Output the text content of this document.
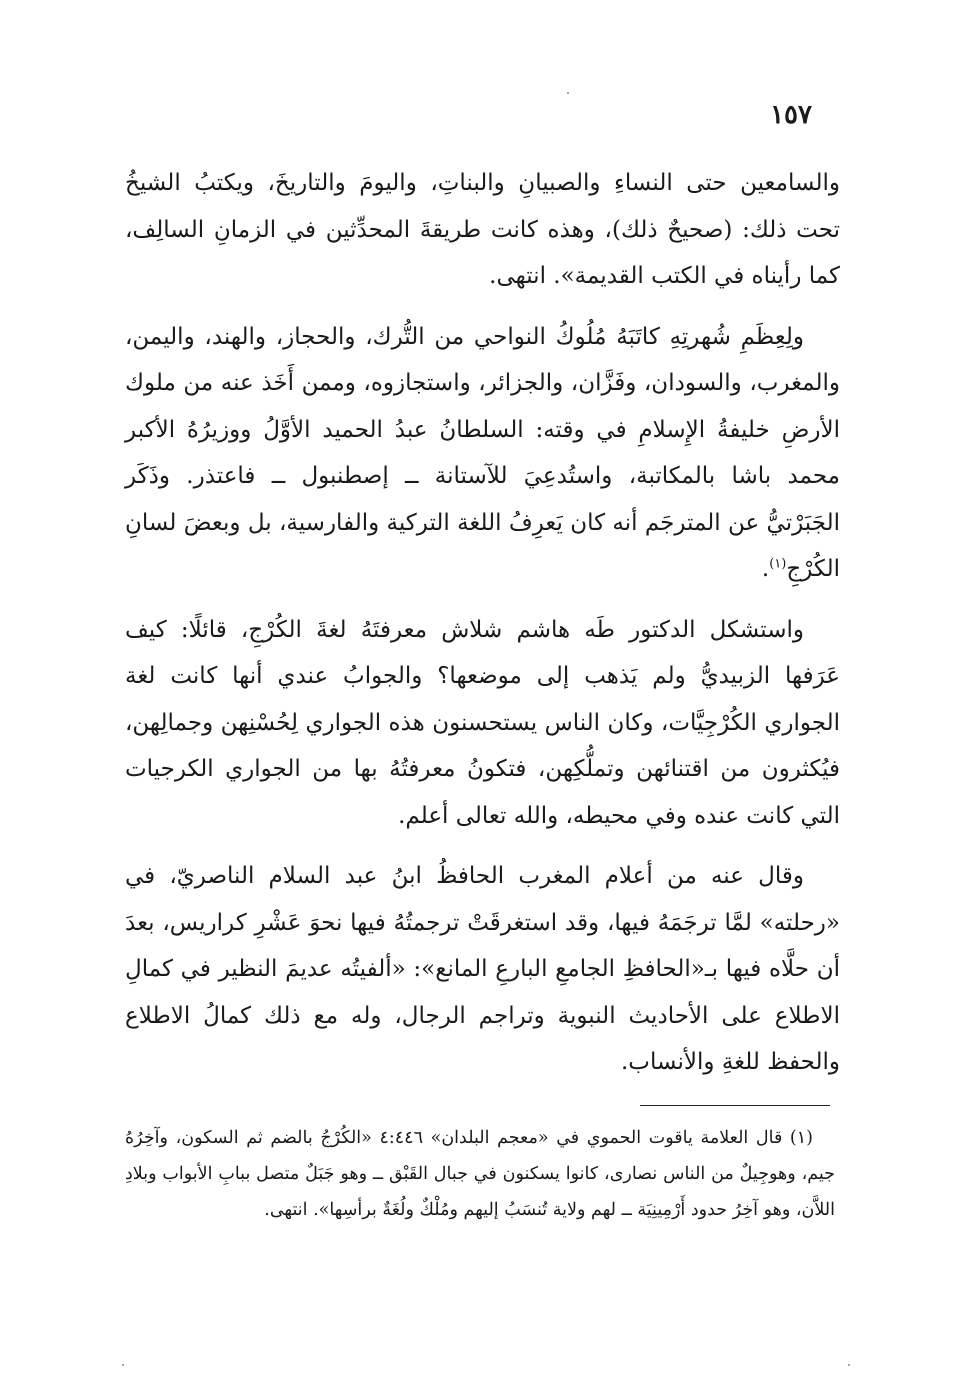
١٥٧

والسامعين حتى النساءِ والصبيانِ والبناتِ، واليومَ والتاريخَ، ويكتبُ الشيخُ تحت ذلك: (صحيحٌ ذلك)، وهذه كانت طريقةَ المحدِّثين في الزمانِ السالِف، كما رأيناه في الكتب القديمة». انتهى.

ولِعِظَمِ شُهرتِهِ كاتَبَهُ مُلُوكُ النواحي من التُّرك، والحجاز، والهند، واليمن، والمغرب، والسودان، وفَزَّان، والجزائر، واستجازوه، وممن أَخَذ عنه من ملوك الأرضِ خليفةُ الإِسلامِ في وقته: السلطانُ عبدُ الحميد الأوَّلُ ووزيرُهُ الأكبر محمد باشا بالمكاتبة، واستُدعِيَ للآستانة ــ إصطنبول ــ فاعتذر. وذَكَر الجَبَرْتيُّ عن المترجَم أنه كان يَعرِفُ اللغة التركية والفارسية، بل وبعضَ لسانِ الكُرْجِ$^{(١)}$.

واستشكل الدكتور طَه هاشم شلاش معرفتَهُ لغةَ الكُرْجِ، قائلًا: كيف عَرَفها الزبيديُّ ولم يَذهب إلى موضعها؟ والجوابُ عندي أنها كانت لغة الجواري الكُرْجِيَّات، وكان الناس يستحسنون هذه الجواري لِحُسْنِهن وجمالِهن، فيُكثرون من اقتنائهن وتملُّكِهن، فتكونُ معرفتُهُ بها من الجواري الكرجيات التي كانت عنده وفي محيطه، والله تعالى أعلم.

وقال عنه من أعلام المغرب الحافظُ ابنُ عبد السلام الناصريّ، في «رحلته» لمَّا ترجَمَهُ فيها، وقد استغرقَتْ ترجمتُهُ فيها نحوَ عَشْرِ كراريس، بعدَ أن حلَّاه فيها بـ«الحافظِ الجامعِ البارعِ المانع»: «ألفيتُه عديمَ النظير في كمالِ الاطلاع على الأحاديث النبوية وتراجم الرجال، وله مع ذلك كمالُ الاطلاع والحفظ للغةِ والأنساب.

(١) قال العلامة ياقوت الحموي في «معجم البلدان» ٤:٤٤٦ «الكُرْجُ بالضم ثم السكون، وآخِرُهُ جيم، وهوجِيلٌ من الناس نصارى، كانوا يسكنون في جبال القَبْق ــ وهو جَبَلٌ متصل ببابِ الأبواب وبلادِ اللاَّن، وهو آخِرُ حدود أَرْمِينِيَة ــ لهم ولاية تُنسَبُ إليهم ومُلْكٌ ولُغَةٌ برأسِها». انتهى.
